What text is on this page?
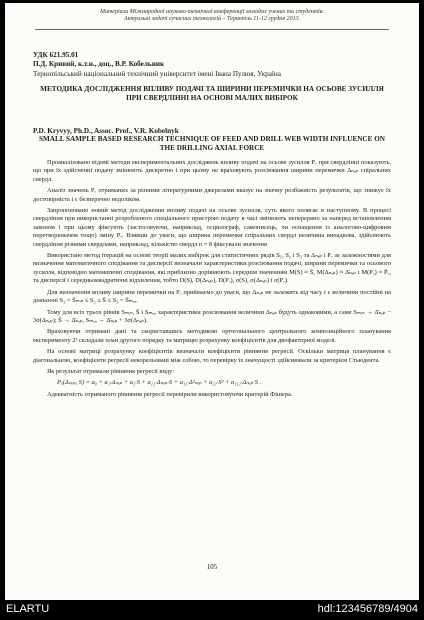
Матеріали Міжнародної науково-технічної конференції молодих учених та студентів.
Актуальні задачі сучасних технологій – Тернопіль 11-12 грудня 2013.
УДК 621.95.01
П.Д. Кривий, к.т.н., доц., В.Р. Кобельник
Тернопільський національний технічний університет імені Івана Пулюя, Україна
МЕТОДИКА ДОСЛІДЖЕННЯ ВПЛИВУ ПОДАЧІ ТА ШИРИНИ ПЕРЕМИЧКИ НА ОСЬОВЕ ЗУСИЛЛЯ ПРИ СВЕРДЛІННІ НА ОСНОВІ МАЛИХ ВИБІРОК
P.D. Kryvyy, Ph.D., Assoc. Prof., V.R. Kobelnyk
SMALL SAMPLE BASED RESEARCH TECHNIQUE OF FEED AND DRILL WEB WIDTH INFLUENCE ON THE DRILLING AXIAL FORCE

Проаналізовано відомі методи експериментальних досліджень впливу подачі на осьове зусилля Pₒ при свердлінні показують, що при їх здійсненні подачу змінюють дискретно і при цьому не враховують розсіювання ширини перемички Δₙₑₚ спіральних свердл.

Аналіз значень Pₒ отриманих за різними літературними джерелами вказує на значну розбіжність результатів, що знижує їх достовірність і є безперечно недоліком.

Запропоновано новий метод дослідження впливу подачі на осьове зусилля, суть якого полягає в наступному. В процесі свердління при використанні розробленого спеціального пристрою подачу в часі змінюють неперервно за наперед встановленим законом і при цьому фіксують (застосовуючи, наприклад, осцилограф, самописець, чи оснащення із аналогово-цифровим перетворювачем тощо) зміну Pₒ. Взявши до уваги, що ширина перемички спіральних свердл величина випадкова, здійснюють свердління різними свердлами, наприклад, кількістю свердл n = 8 фіксували значення

Використано метод ітерацій на основі теорії малих вибірок для статистичних рядів S₁, S₂ і S₃ та Δₙₑₚ і Pₒ за залежностями для визначення математичного сподівання та дисперсії визначали характеристики розсіювання подачі, ширини перемички та осьового зусилля, відповідно математичні сподівання, які приблизно дорівнюють середнім значенням M(S) ≈ S̄, M(Δₙₑₚ) ≈ Δ̄ₙₑₚ і M(Pₒ) ≈ P̄ₒ, та дисперсії і середньоквадратичні відхилення, тобто D(S), D(Δₙₑₚ), D(Pₒ), σ(S), σ(Δₙₑₚ) і σ(Pₒ).

Для визначення впливу ширини перемички на Pₒ приймаємо до уваги, що Δₙₑₚ не залежить від часу і є величини постійні на діапазоні S₁ = S̄ₘᵢₙ ≤ S₂ ≤ S̄ ≤ S₃ = S̄ₘₐₓ.

Тому для всіх трьох рівнів Sₘᵢₙ, S̄ і Sₘₐₓ характеристики розсіювання величини Δₙₑₚ будуть однаковими, а саме Sₘᵢₙ → Δ̄ₙₑₚ − 3σ(Δₙₑₚ); S̄ → Δ̄ₙₑₚ, Sₘₐₓ → Δ̄ₙₑₚ + 3σ(Δₙₑₚ).

Враховуючи отримані дані та скориставшись методикою ортогонального центрального композиційного планування експерименту 2² складали план другого порядку та матрицю розрахунку коефіцієнтів для двофакторної моделі.

На основі матриці розрахунку коефіцієнтів визначали коефіцієнти рівняння регресії. Оскільки матриця планування є діагональною, коефіцієнти регресії некорельовані між собою, то перевірку їх значущості здійснювали за критерієм Стьюдента.

Як результат отримали рівняння регресії виду:

Pₒ(Δₙₑₚ, S) = a₀ + a₁·Δₙₑₚ + a₂·S + a₁₂·Δₙₑₚ·S + a₁₁·Δ²ₙₑₚ + a₂₂·S² + a₁₁₂·Δₙₑₚ·S .

Адекватність отриманого рівняння регресії перевірили використовуючи критерій Фішера.

105
ELARTU	hdl:123456789/4904
